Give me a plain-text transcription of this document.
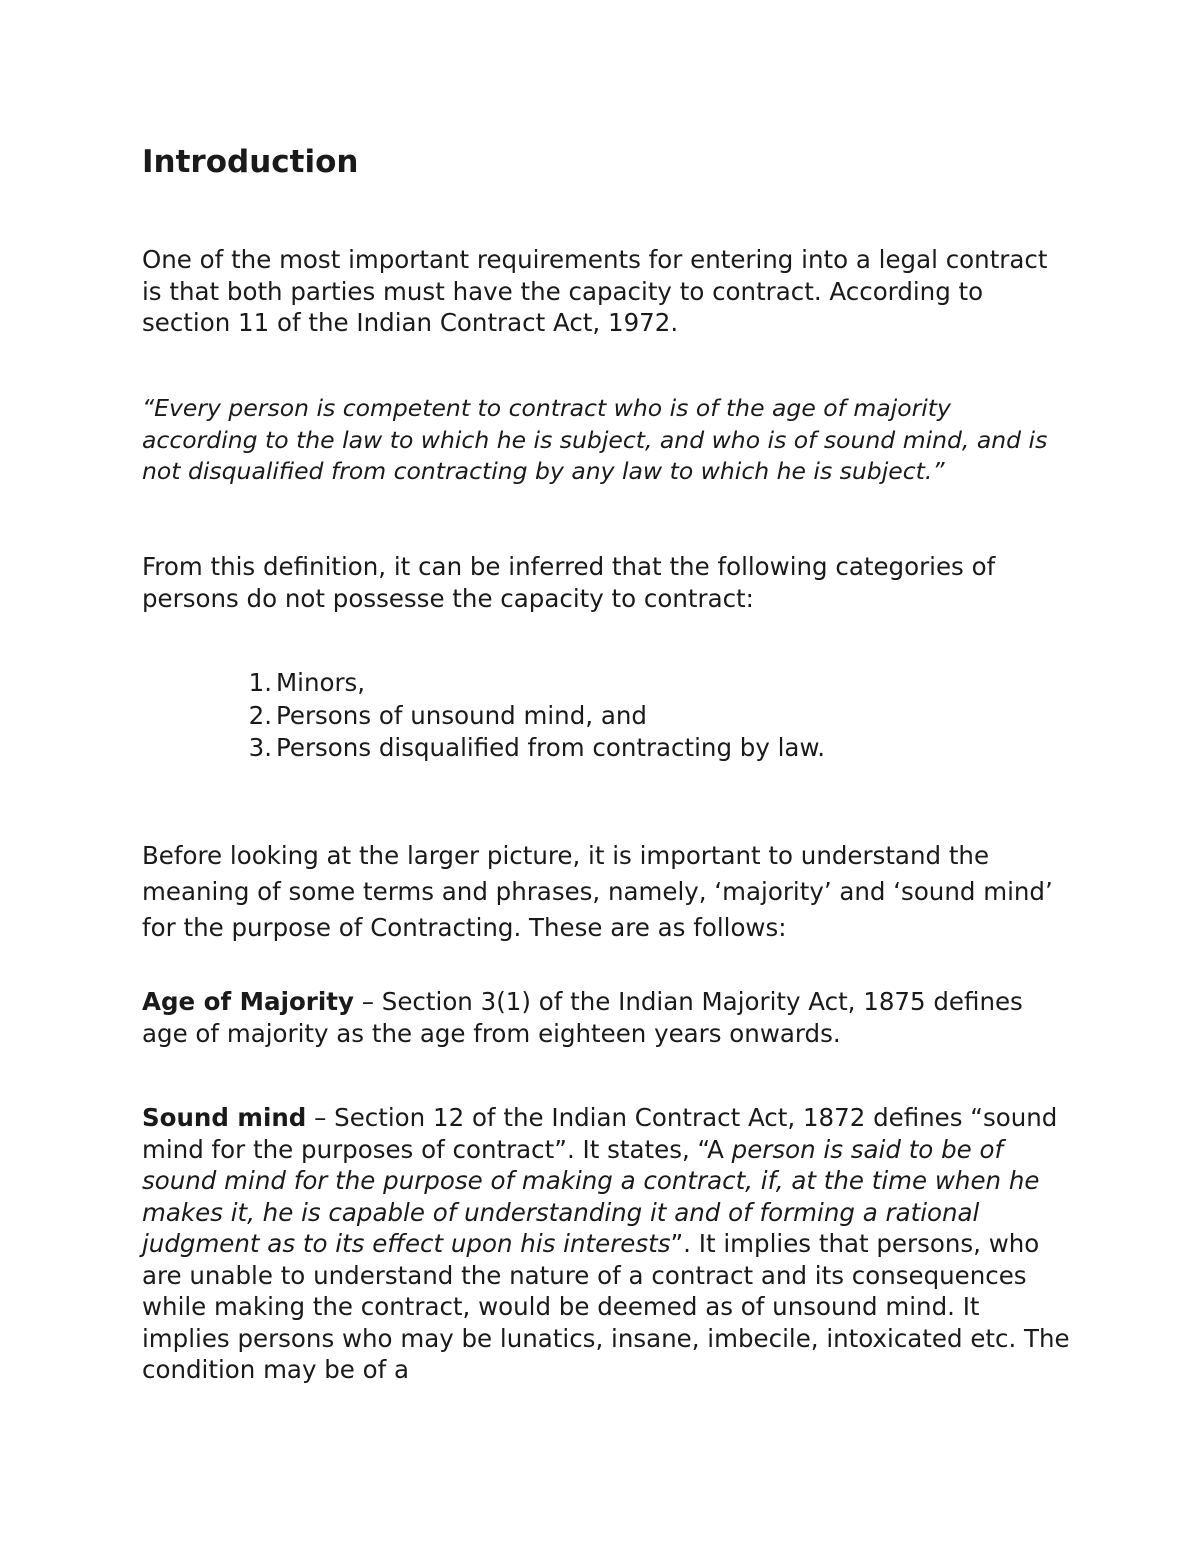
Introduction

One of the most important requirements for entering into a legal contract is that both parties must have the capacity to contract. According to section 11 of the Indian Contract Act, 1972.

“Every person is competent to contract who is of the age of majority according to the law to which he is subject, and who is of sound mind, and is not disqualified from contracting by any law to which he is subject.”

From this definition, it can be inferred that the following categories of persons do not possesse the capacity to contract:

1. Minors,
2. Persons of unsound mind, and
3. Persons disqualified from contracting by law.

Before looking at the larger picture, it is important to understand the meaning of some terms and phrases, namely, ‘majority’ and ‘sound mind’ for the purpose of Contracting. These are as follows:

Age of Majority – Section 3(1) of the Indian Majority Act, 1875 defines age of majority as the age from eighteen years onwards.

Sound mind – Section 12 of the Indian Contract Act, 1872 defines “sound mind for the purposes of contract”. It states, “A person is said to be of sound mind for the purpose of making a contract, if, at the time when he makes it, he is capable of understanding it and of forming a rational judgment as to its effect upon his interests”. It implies that persons, who are unable to understand the nature of a contract and its consequences while making the contract, would be deemed as of unsound mind. It implies persons who may be lunatics, insane, imbecile, intoxicated etc. The condition may be of a
